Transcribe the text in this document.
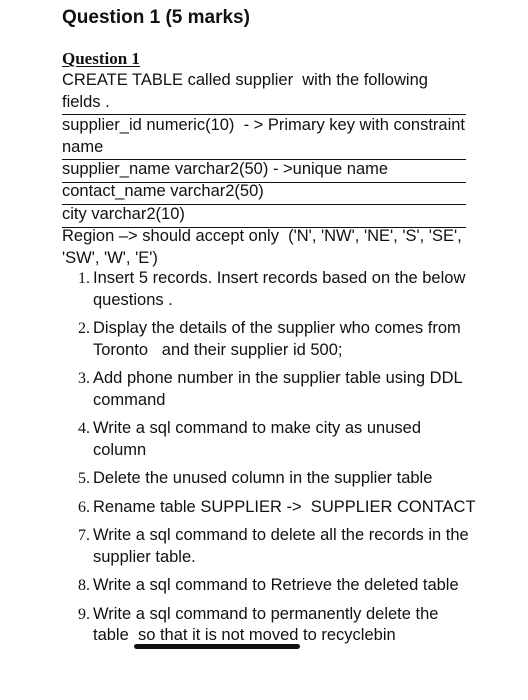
Question 1 (5 marks)
Question 1
CREATE TABLE called supplier  with the following fields .
supplier_id numeric(10)  - > Primary key with constraint name
supplier_name varchar2(50) - >unique name
contact_name varchar2(50)
city varchar2(10)
Region –> should accept only  ('N', 'NW', 'NE', 'S', 'SE', 'SW', 'W', 'E')
1. Insert 5 records. Insert records based on the below questions .
2. Display the details of the supplier who comes from Toronto   and their supplier id 500;
3. Add phone number in the supplier table using DDL command
4. Write a sql command to make city as unused column
5. Delete the unused column in the supplier table
6. Rename table SUPPLIER ->  SUPPLIER CONTACT
7. Write a sql command to delete all the records in the supplier table.
8. Write a sql command to Retrieve the deleted table
9. Write a sql command to permanently delete the table  so that it is not moved to recyclebin
